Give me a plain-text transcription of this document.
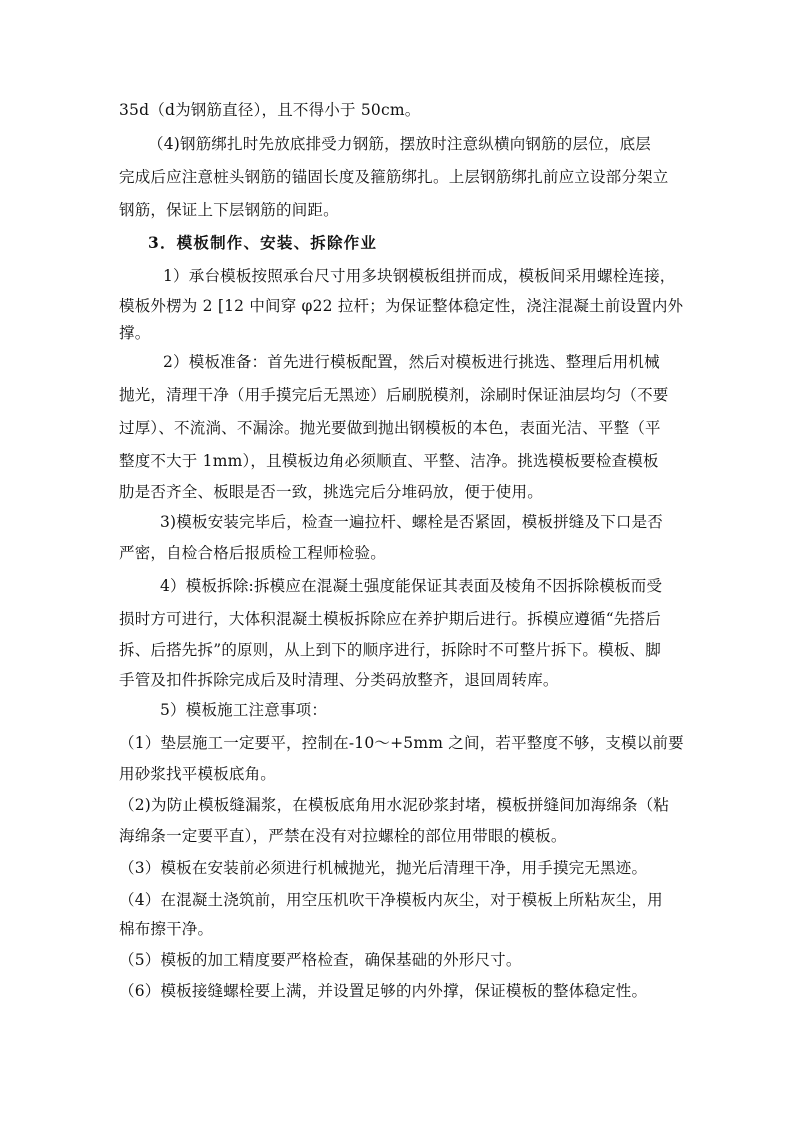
35d（d为钢筋直径），且不得小于 50cm。
（4)钢筋绑扎时先放底排受力钢筋，摆放时注意纵横向钢筋的层位，底层
完成后应注意桩头钢筋的锚固长度及箍筋绑扎。上层钢筋绑扎前应立设部分架立
钢筋，保证上下层钢筋的间距。
3．模板制作、安装、拆除作业
1）承台模板按照承台尺寸用多块钢模板组拼而成，模板间采用螺栓连接，
模板外楞为 2 [12 中间穿 φ22 拉杆；为保证整体稳定性，浇注混凝土前设置内外
撑。
2）模板准备：首先进行模板配置，然后对模板进行挑选、整理后用机械
抛光，清理干净（用手摸完后无黑迹）后刷脱模剂，涂刷时保证油层均匀（不要
过厚）、不流淌、不漏涂。抛光要做到抛出钢模板的本色，表面光洁、平整（平
整度不大于 1mm），且模板边角必须顺直、平整、洁净。挑选模板要检查模板
肋是否齐全、板眼是否一致，挑选完后分堆码放，便于使用。
3)模板安装完毕后，检查一遍拉杆、螺栓是否紧固，模板拼缝及下口是否
严密，自检合格后报质检工程师检验。
4）模板拆除:拆模应在混凝土强度能保证其表面及棱角不因拆除模板而受
损时方可进行，大体积混凝土模板拆除应在养护期后进行。拆模应遵循“先搭后
拆、后搭先拆”的原则，从上到下的顺序进行，拆除时不可整片拆下。模板、脚
手管及扣件拆除完成后及时清理、分类码放整齐，退回周转库。
5）模板施工注意事项：
（1）垫层施工一定要平，控制在-10～+5mm 之间，若平整度不够，支模以前要
用砂浆找平模板底角。
（2)为防止模板缝漏浆，在模板底角用水泥砂浆封堵，模板拼缝间加海绵条（粘
海绵条一定要平直），严禁在没有对拉螺栓的部位用带眼的模板。
（3）模板在安装前必须进行机械抛光，抛光后清理干净，用手摸完无黑迹。
（4）在混凝土浇筑前，用空压机吹干净模板内灰尘，对于模板上所粘灰尘，用
棉布擦干净。
（5）模板的加工精度要严格检查，确保基础的外形尺寸。
（6）模板接缝螺栓要上满，并设置足够的内外撑，保证模板的整体稳定性。
